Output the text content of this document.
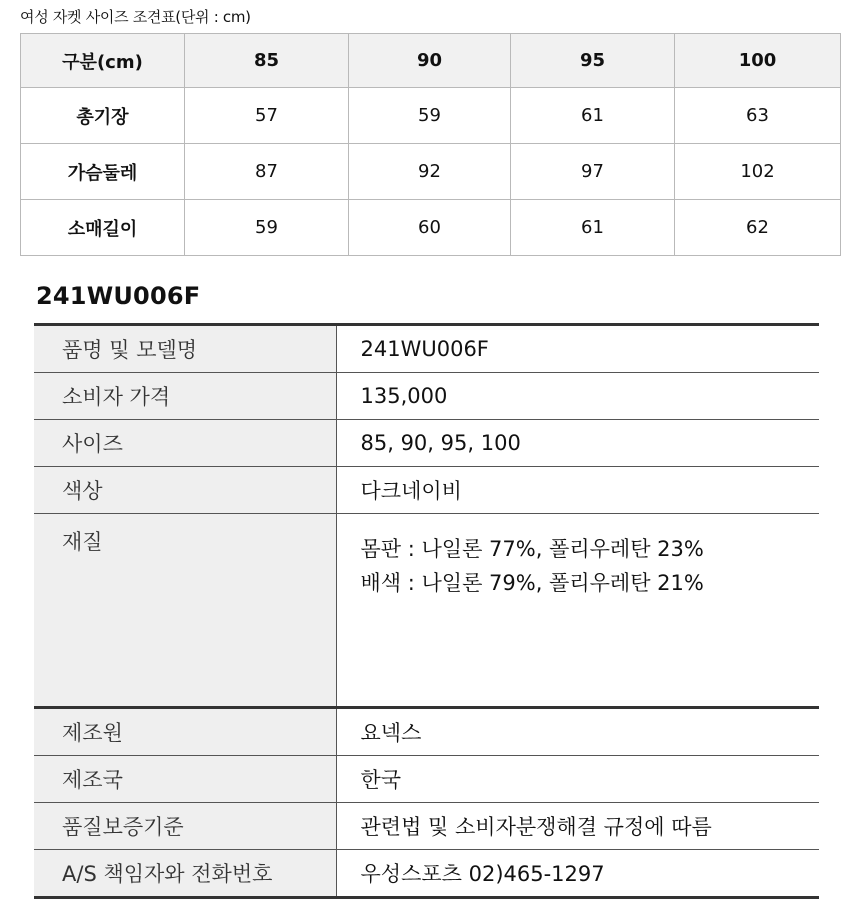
여성 자켓 사이즈 조견표(단위 : cm)
구분(cm)	85	90	95	100
총기장	57	59	61	63
가슴둘레	87	92	97	102
소매길이	59	60	61	62
241WU006F
품명 및 모델명	241WU006F
소비자 가격	135,000
사이즈	85, 90, 95, 100
색상	다크네이비
재질	몸판 : 나일론 77%, 폴리우레탄 23%
배색 : 나일론 79%, 폴리우레탄 21%

제조원	요넥스
제조국	한국
품질보증기준	관련법 및 소비자분쟁해결 규정에 따름
A/S 책임자와 전화번호	우성스포츠 02)465-1297
